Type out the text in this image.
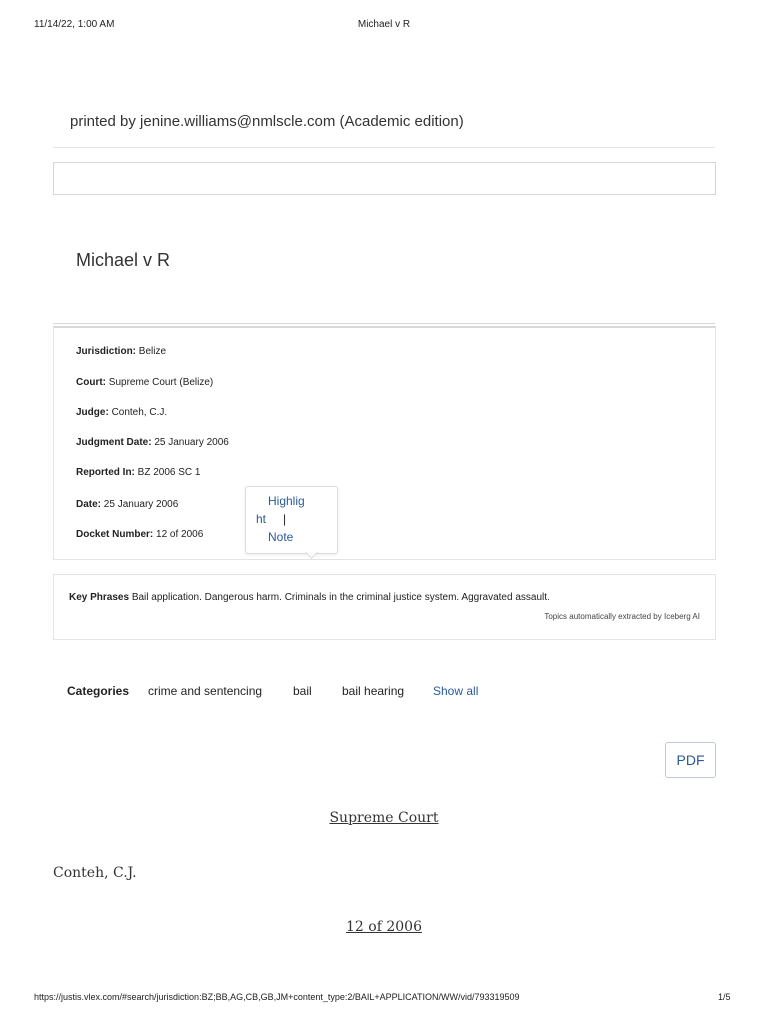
11/14/22, 1:00 AM	Michael v R
printed by jenine.williams@nmlscle.com (Academic edition)
Michael v R
Jurisdiction: Belize
Court: Supreme Court (Belize)
Judge: Conteh, C.J.
Judgment Date: 25 January 2006
Reported In: BZ 2006 SC 1
Date: 25 January 2006
Docket Number: 12 of 2006
Highlig
ht |
Note
Key Phrases Bail application. Dangerous harm. Criminals in the criminal justice system. Aggravated assault.
Topics automatically extracted by Iceberg AI
Categories crime and sentencing	bail	bail hearing Show all
PDF
Supreme Court
Conteh, C.J.
12 of 2006
https://justis.vlex.com/#search/jurisdiction:BZ;BB,AG,CB,GB,JM+content_type:2/BAIL+APPLICATION/WW/vid/793319509	1/5
